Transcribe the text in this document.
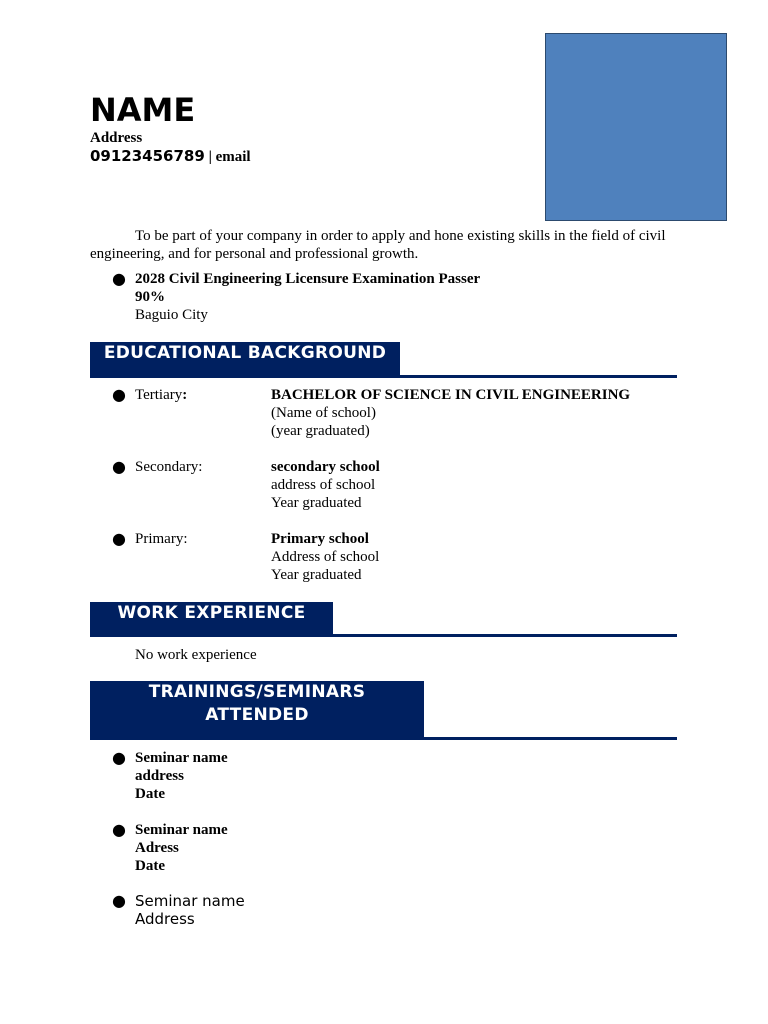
NAME
Address
09123456789 | email
To be part of your company in order to apply and hone existing skills in the field of civil engineering, and for personal and professional growth.
● 2028 Civil Engineering Licensure Examination Passer
90%
Baguio City
EDUCATIONAL BACKGROUND
● Tertiary:	BACHELOR OF SCIENCE IN CIVIL ENGINEERING
(Name of school)
(year graduated)
● Secondary:	secondary school
address of school
Year graduated
● Primary:	Primary school
Address of school
Year graduated
WORK EXPERIENCE
No work experience
TRAININGS/SEMINARS
ATTENDED
● Seminar name
address
Date
● Seminar name
Adress
Date
● Seminar name
Address
